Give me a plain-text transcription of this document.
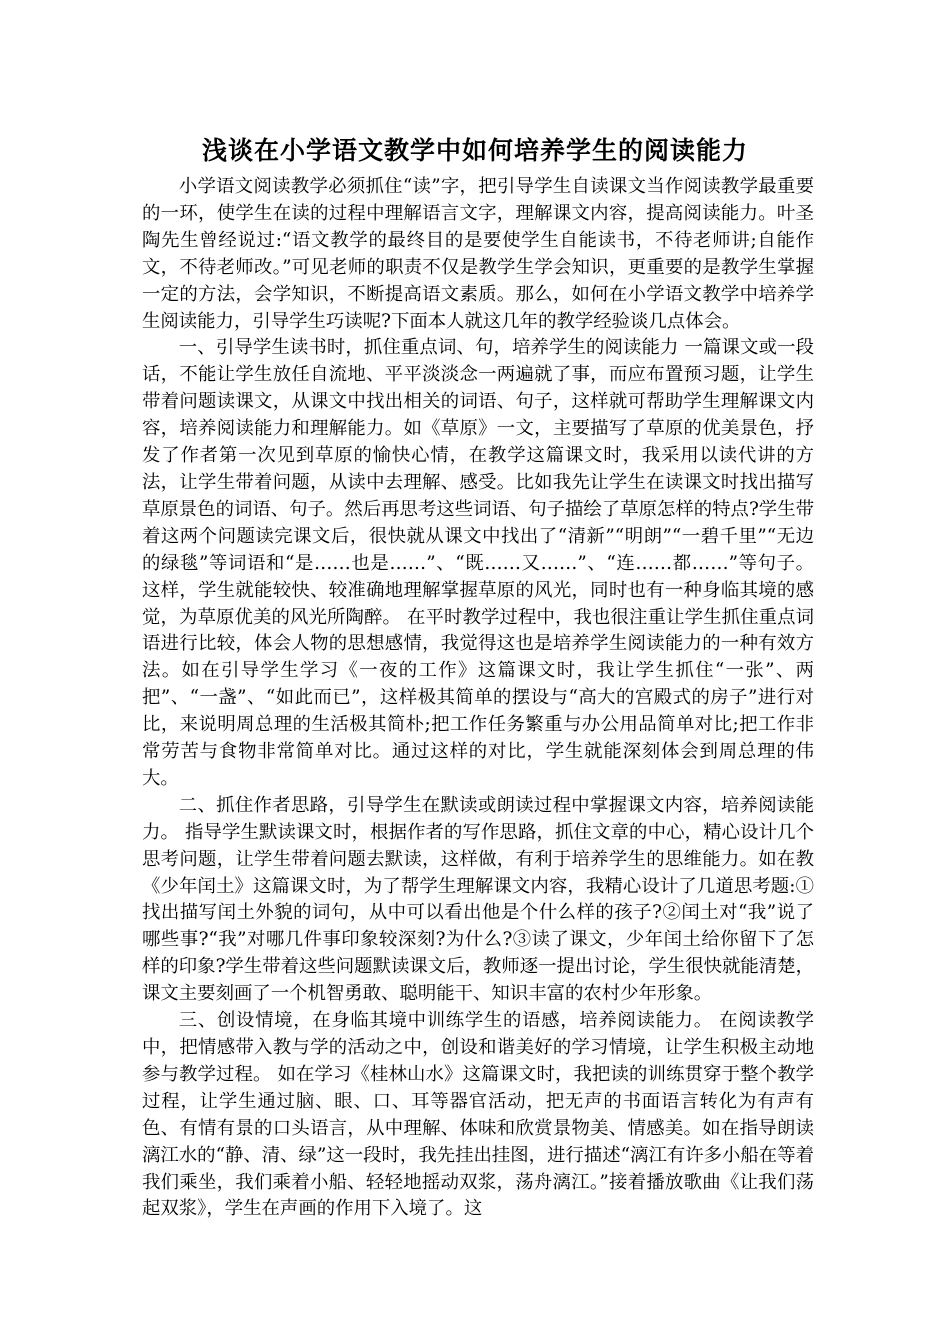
浅谈在小学语文教学中如何培养学生的阅读能力

小学语文阅读教学必须抓住“读”字，把引导学生自读课文当作阅读教学最重要的一环，使学生在读的过程中理解语言文字，理解课文内容，提高阅读能力。叶圣陶先生曾经说过:“语文教学的最终目的是要使学生自能读书，不待老师讲;自能作文，不待老师改。”可见老师的职责不仅是教学生学会知识，更重要的是教学生掌握一定的方法，会学知识，不断提高语文素质。那么，如何在小学语文教学中培养学生阅读能力，引导学生巧读呢?下面本人就这几年的教学经验谈几点体会。

一、引导学生读书时，抓住重点词、句，培养学生的阅读能力 一篇课文或一段话，不能让学生放任自流地、平平淡淡念一两遍就了事，而应布置预习题，让学生带着问题读课文，从课文中找出相关的词语、句子，这样就可帮助学生理解课文内容，培养阅读能力和理解能力。如《草原》一文，主要描写了草原的优美景色，抒发了作者第一次见到草原的愉快心情，在教学这篇课文时，我采用以读代讲的方法，让学生带着问题，从读中去理解、感受。比如我先让学生在读课文时找出描写草原景色的词语、句子。然后再思考这些词语、句子描绘了草原怎样的特点?学生带着这两个问题读完课文后，很快就从课文中找出了“清新”“明朗”“一碧千里”“无边的绿毯”等词语和“是……也是……”、“既……又……”、“连……都……”等句子。这样，学生就能较快、较准确地理解掌握草原的风光，同时也有一种身临其境的感觉，为草原优美的风光所陶醉。 在平时教学过程中，我也很注重让学生抓住重点词语进行比较，体会人物的思想感情，我觉得这也是培养学生阅读能力的一种有效方法。如在引导学生学习《一夜的工作》这篇课文时，我让学生抓住“一张”、两把”、“一盏”、“如此而已”，这样极其简单的摆设与“高大的宫殿式的房子”进行对比，来说明周总理的生活极其简朴;把工作任务繁重与办公用品简单对比;把工作非常劳苦与食物非常简单对比。通过这样的对比，学生就能深刻体会到周总理的伟大。

二、抓住作者思路，引导学生在默读或朗读过程中掌握课文内容，培养阅读能力。 指导学生默读课文时，根据作者的写作思路，抓住文章的中心，精心设计几个思考问题，让学生带着问题去默读，这样做，有利于培养学生的思维能力。如在教《少年闰土》这篇课文时，为了帮学生理解课文内容，我精心设计了几道思考题:①找出描写闰土外貌的词句，从中可以看出他是个什么样的孩子?②闰土对“我”说了哪些事?“我”对哪几件事印象较深刻?为什么?③读了课文，少年闰土给你留下了怎样的印象?学生带着这些问题默读课文后，教师逐一提出讨论，学生很快就能清楚，课文主要刻画了一个机智勇敢、聪明能干、知识丰富的农村少年形象。

三、创设情境，在身临其境中训练学生的语感，培养阅读能力。 在阅读教学中，把情感带入教与学的活动之中，创设和谐美好的学习情境，让学生积极主动地参与教学过程。 如在学习《桂林山水》这篇课文时，我把读的训练贯穿于整个教学过程，让学生通过脑、眼、口、耳等器官活动，把无声的书面语言转化为有声有色、有情有景的口头语言，从中理解、体味和欣赏景物美、情感美。如在指导朗读漓江水的“静、清、绿”这一段时，我先挂出挂图，进行描述“漓江有许多小船在等着我们乘坐，我们乘着小船、轻轻地摇动双浆，荡舟漓江。”接着播放歌曲《让我们荡起双浆》，学生在声画的作用下入境了。这
